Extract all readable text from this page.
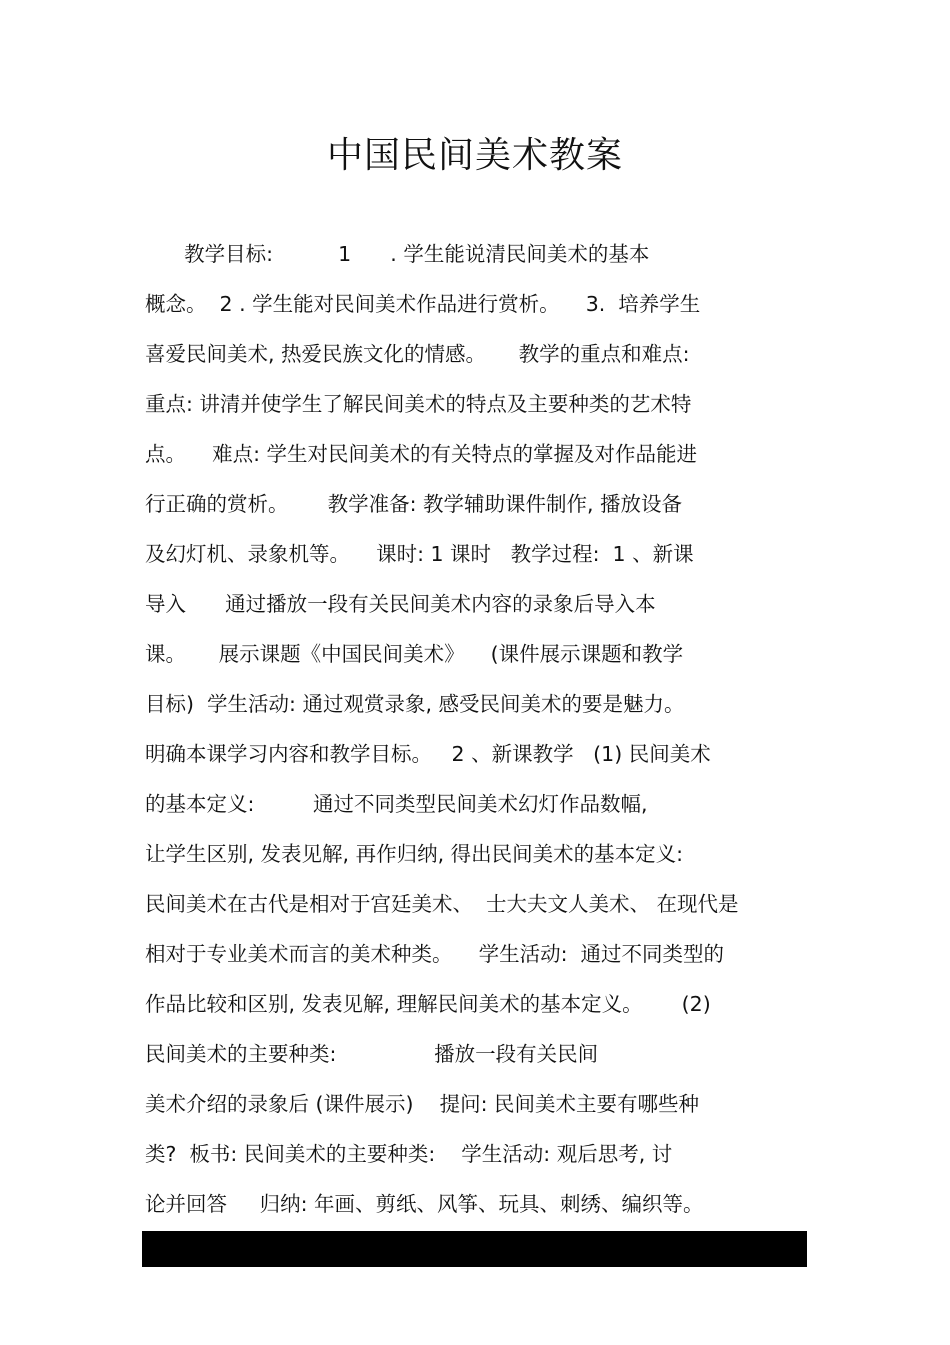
中国民间美术教案
教学目标:          1      . 学生能说清民间美术的基本
概念。  2 . 学生能对民间美术作品进行赏析。    3.  培养学生
喜爱民间美术, 热爱民族文化的情感。     教学的重点和难点:
重点: 讲清并使学生了解民间美术的特点及主要种类的艺术特
点。    难点: 学生对民间美术的有关特点的掌握及对作品能进
行正确的赏析。      教学准备: 教学辅助课件制作, 播放设备
及幻灯机、录象机等。    课时: 1 课时   教学过程:  1 、新课
导入      通过播放一段有关民间美术内容的录象后导入本
课。     展示课题《中国民间美术》    (课件展示课题和教学
目标)  学生活动: 通过观赏录象, 感受民间美术的要是魅力。
明确本课学习内容和教学目标。   2 、新课教学   (1) 民间美术
的基本定义:         通过不同类型民间美术幻灯作品数幅,
让学生区别, 发表见解, 再作归纳, 得出民间美术的基本定义:
民间美术在古代是相对于宫廷美术、  士大夫文人美术、 在现代是
相对于专业美术而言的美术种类。    学生活动:  通过不同类型的
作品比较和区别, 发表见解, 理解民间美术的基本定义。      (2)
民间美术的主要种类:               播放一段有关民间
美术介绍的录象后 (课件展示)    提问: 民间美术主要有哪些种
类?  板书: 民间美术的主要种类:    学生活动: 观后思考, 讨
论并回答     归纳: 年画、剪纸、风筝、玩具、刺绣、编织等。
